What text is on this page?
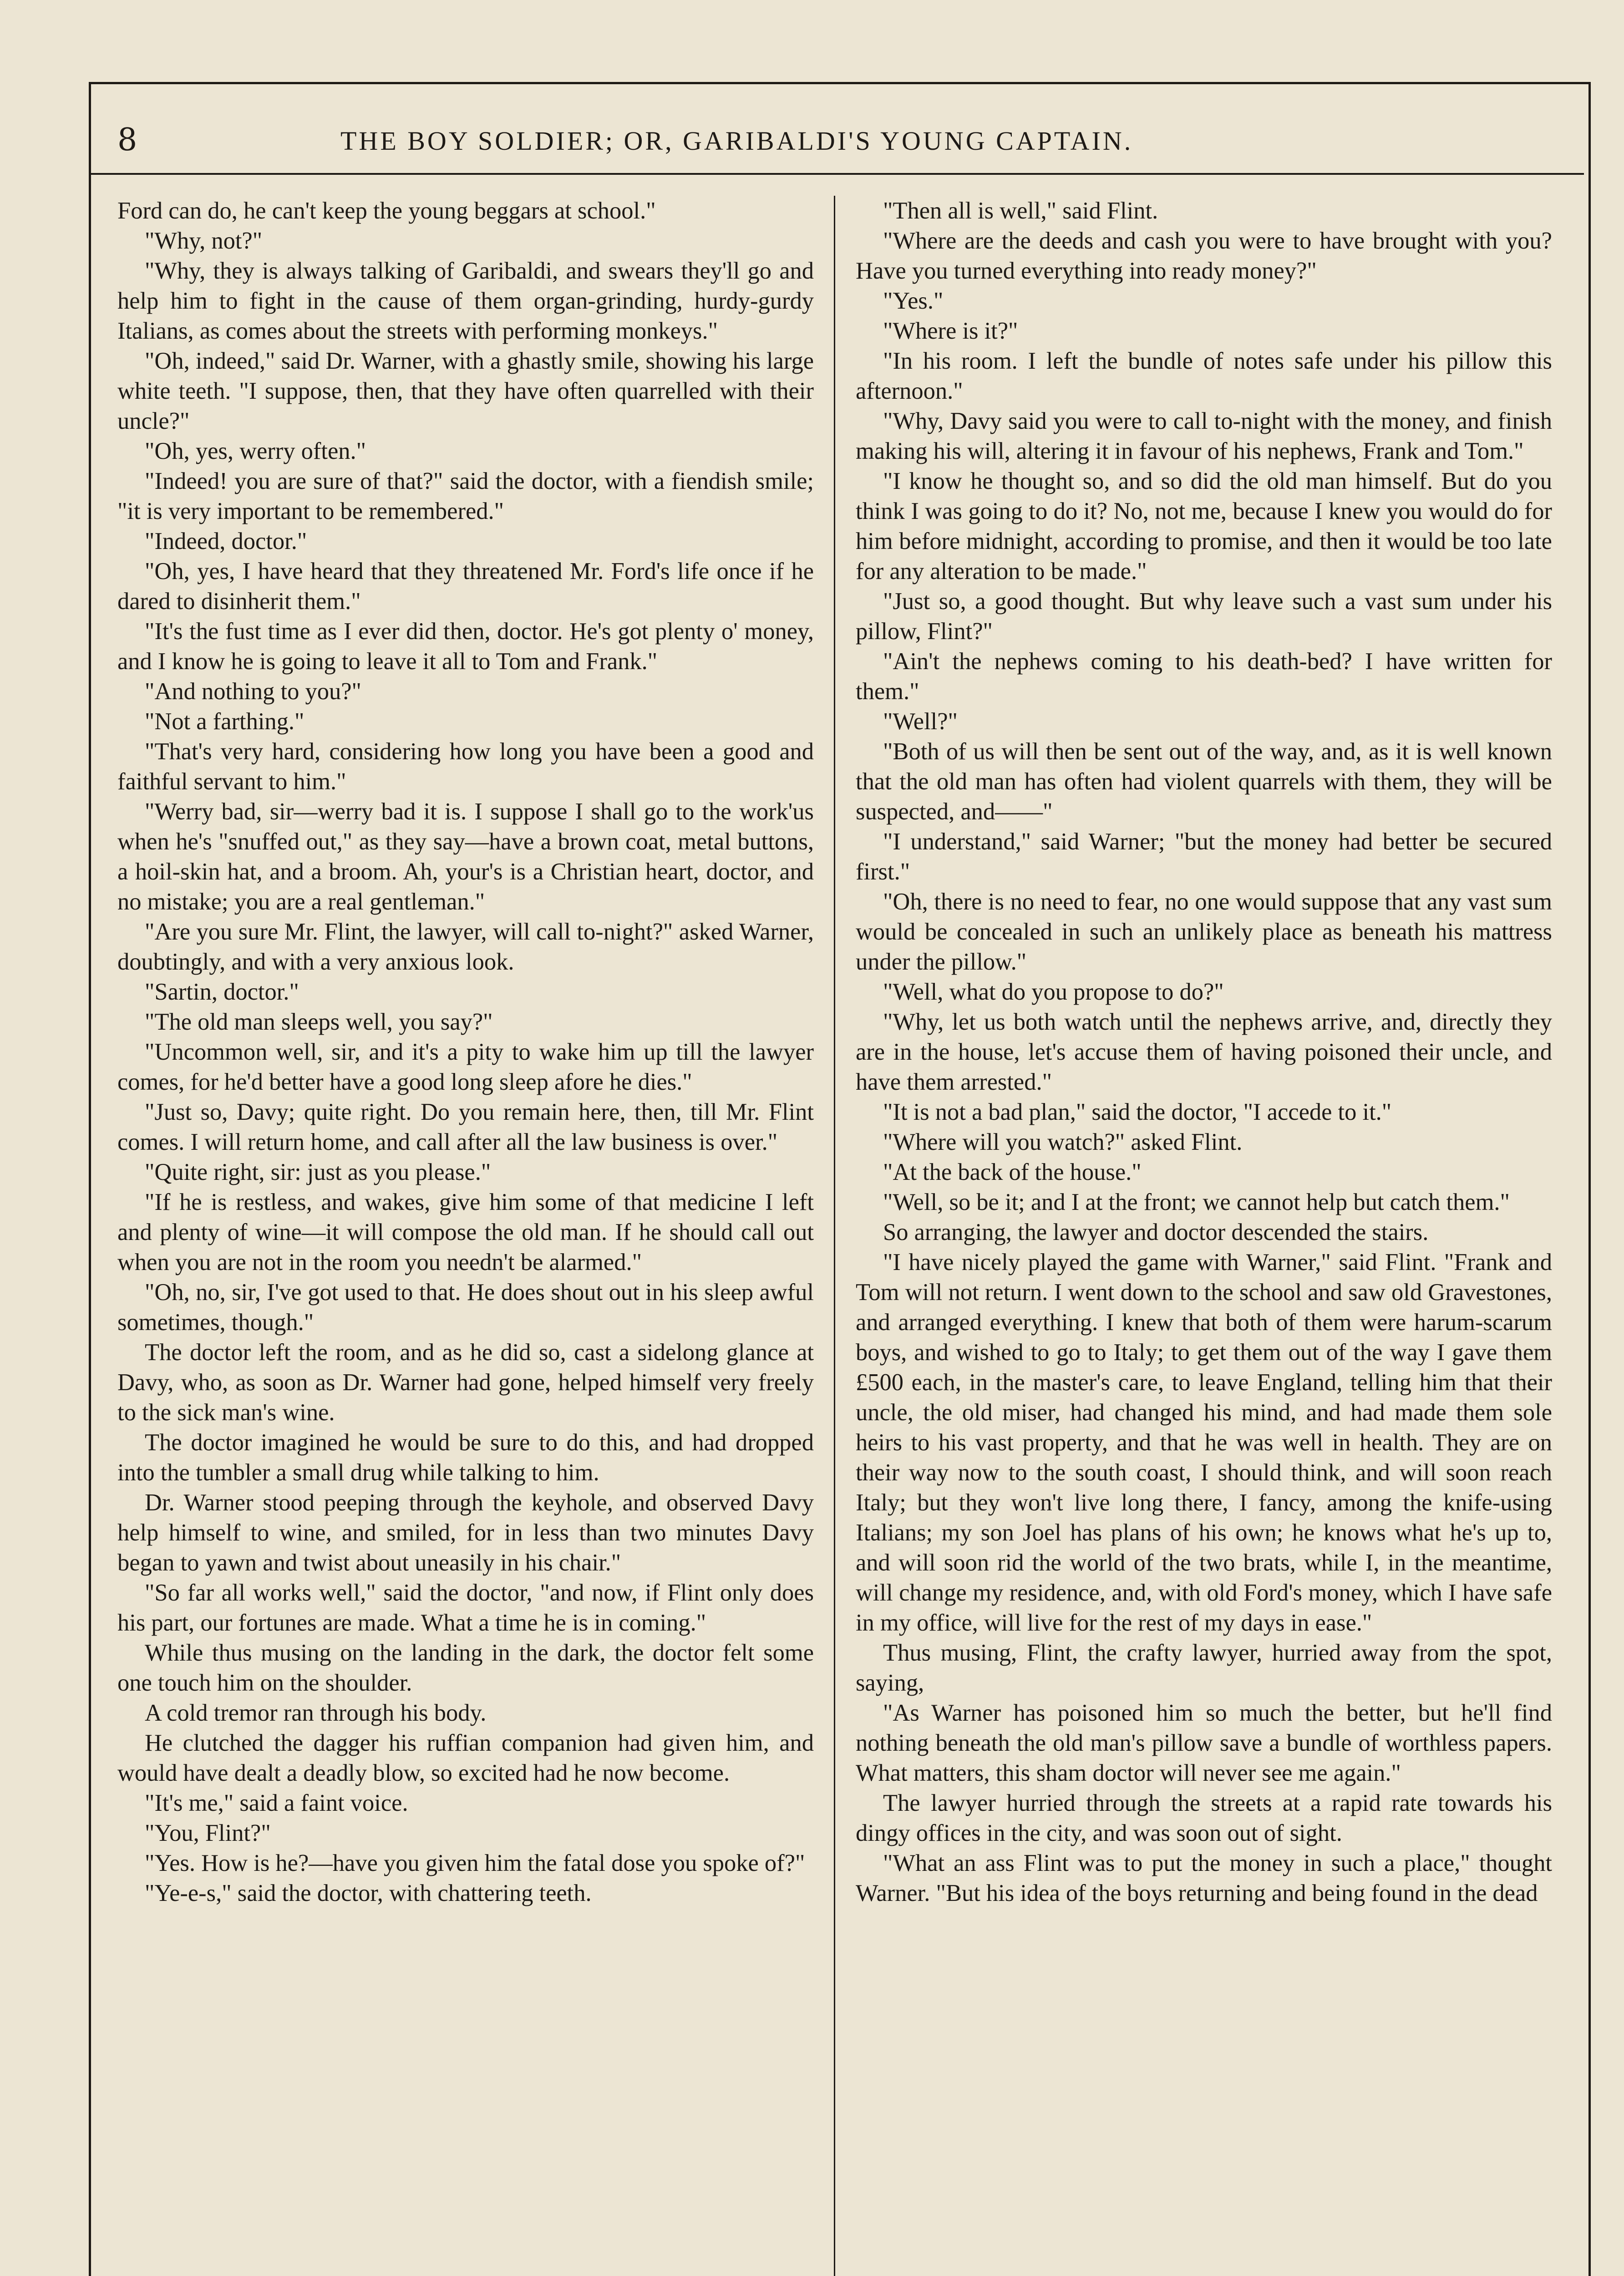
8	THE BOY SOLDIER; OR, GARIBALDI'S YOUNG CAPTAIN.

Ford can do, he can't keep the young beggars at school."

"Why, not?"

"Why, they is always talking of Garibaldi, and swears they'll go and help him to fight in the cause of them organ-grinding, hurdy-gurdy Italians, as comes about the streets with performing monkeys."

"Oh, indeed," said Dr. Warner, with a ghastly smile, showing his large white teeth. "I suppose, then, that they have often quarrelled with their uncle?"

"Oh, yes, werry often."

"Indeed! you are sure of that?" said the doctor, with a fiendish smile; "it is very important to be remembered."

"Indeed, doctor."

"Oh, yes, I have heard that they threatened Mr. Ford's life once if he dared to disinherit them."

"It's the fust time as I ever did then, doctor. He's got plenty o' money, and I know he is going to leave it all to Tom and Frank."

"And nothing to you?"

"Not a farthing."

"That's very hard, considering how long you have been a good and faithful servant to him."

"Werry bad, sir—werry bad it is. I suppose I shall go to the work'us when he's "snuffed out," as they say—have a brown coat, metal buttons, a hoil-skin hat, and a broom. Ah, your's is a Christian heart, doctor, and no mistake; you are a real gentleman."

"Are you sure Mr. Flint, the lawyer, will call to-night?" asked Warner, doubtingly, and with a very anxious look.

"Sartin, doctor."

"The old man sleeps well, you say?"

"Uncommon well, sir, and it's a pity to wake him up till the lawyer comes, for he'd better have a good long sleep afore he dies."

"Just so, Davy; quite right. Do you remain here, then, till Mr. Flint comes. I will return home, and call after all the law business is over."

"Quite right, sir: just as you please."

"If he is restless, and wakes, give him some of that medicine I left and plenty of wine—it will compose the old man. If he should call out when you are not in the room you needn't be alarmed."

"Oh, no, sir, I've got used to that. He does shout out in his sleep awful sometimes, though."

The doctor left the room, and as he did so, cast a sidelong glance at Davy, who, as soon as Dr. Warner had gone, helped himself very freely to the sick man's wine.

The doctor imagined he would be sure to do this, and had dropped into the tumbler a small drug while talking to him.

Dr. Warner stood peeping through the keyhole, and observed Davy help himself to wine, and smiled, for in less than two minutes Davy began to yawn and twist about uneasily in his chair."

"So far all works well," said the doctor, "and now, if Flint only does his part, our fortunes are made. What a time he is in coming."

While thus musing on the landing in the dark, the doctor felt some one touch him on the shoulder.

A cold tremor ran through his body.

He clutched the dagger his ruffian companion had given him, and would have dealt a deadly blow, so excited had he now become.

"It's me," said a faint voice.

"You, Flint?"

"Yes. How is he?—have you given him the fatal dose you spoke of?"

"Ye-e-s," said the doctor, with chattering teeth.

"Then all is well," said Flint.

"Where are the deeds and cash you were to have brought with you? Have you turned everything into ready money?"

"Yes."

"Where is it?"

"In his room. I left the bundle of notes safe under his pillow this afternoon."

"Why, Davy said you were to call to-night with the money, and finish making his will, altering it in favour of his nephews, Frank and Tom."

"I know he thought so, and so did the old man himself. But do you think I was going to do it? No, not me, because I knew you would do for him before midnight, according to promise, and then it would be too late for any alteration to be made."

"Just so, a good thought. But why leave such a vast sum under his pillow, Flint?"

"Ain't the nephews coming to his death-bed? I have written for them."

"Well?"

"Both of us will then be sent out of the way, and, as it is well known that the old man has often had violent quarrels with them, they will be suspected, and——"

"I understand," said Warner; "but the money had better be secured first."

"Oh, there is no need to fear, no one would suppose that any vast sum would be concealed in such an unlikely place as beneath his mattress under the pillow."

"Well, what do you propose to do?"

"Why, let us both watch until the nephews arrive, and, directly they are in the house, let's accuse them of having poisoned their uncle, and have them arrested."

"It is not a bad plan," said the doctor, "I accede to it."

"Where will you watch?" asked Flint.

"At the back of the house."

"Well, so be it; and I at the front; we cannot help but catch them."

So arranging, the lawyer and doctor descended the stairs.

"I have nicely played the game with Warner," said Flint. "Frank and Tom will not return. I went down to the school and saw old Gravestones, and arranged everything. I knew that both of them were harum-scarum boys, and wished to go to Italy; to get them out of the way I gave them £500 each, in the master's care, to leave England, telling him that their uncle, the old miser, had changed his mind, and had made them sole heirs to his vast property, and that he was well in health. They are on their way now to the south coast, I should think, and will soon reach Italy; but they won't live long there, I fancy, among the knife-using Italians; my son Joel has plans of his own; he knows what he's up to, and will soon rid the world of the two brats, while I, in the meantime, will change my residence, and, with old Ford's money, which I have safe in my office, will live for the rest of my days in ease."

Thus musing, Flint, the crafty lawyer, hurried away from the spot, saying,

"As Warner has poisoned him so much the better, but he'll find nothing beneath the old man's pillow save a bundle of worthless papers. What matters, this sham doctor will never see me again."

The lawyer hurried through the streets at a rapid rate towards his dingy offices in the city, and was soon out of sight.

"What an ass Flint was to put the money in such a place," thought Warner. "But his idea of the boys returning and being found in the dead
